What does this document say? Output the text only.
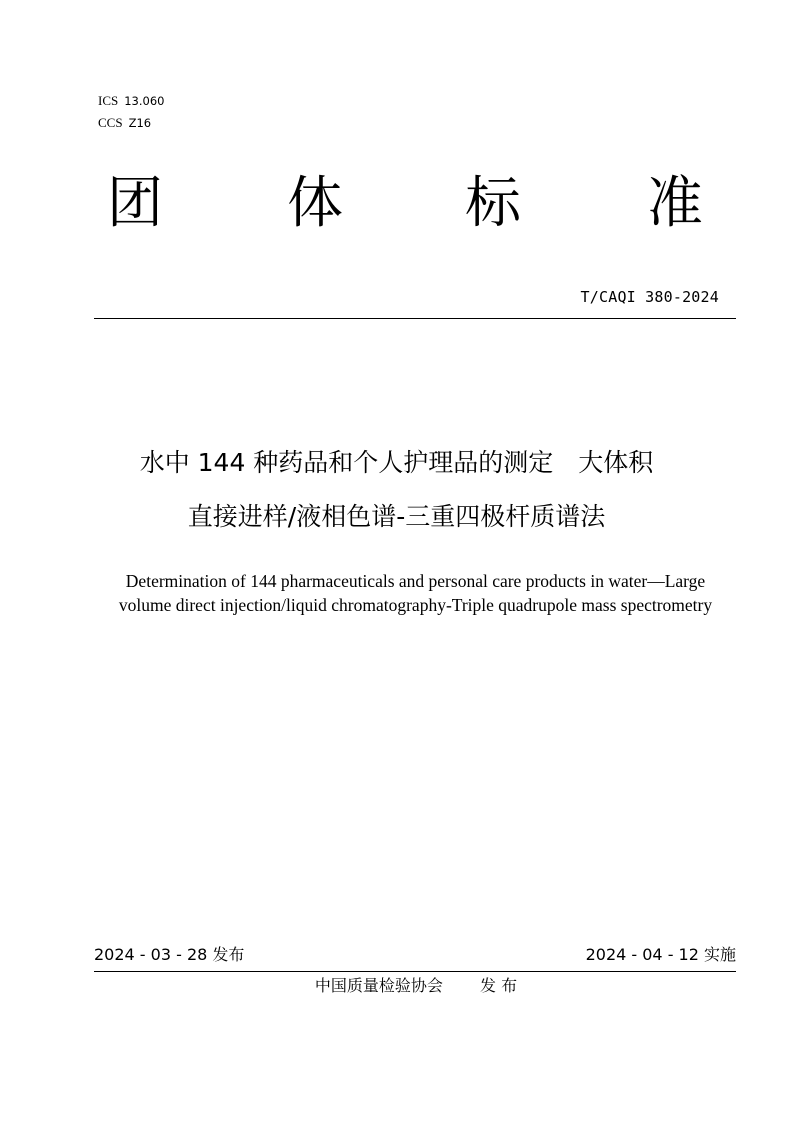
ICS 13.060
CCS Z16
团 体 标 准
T/CAQI 380-2024
水中 144 种药品和个人护理品的测定　大体积
直接进样/液相色谱-三重四极杆质谱法
Determination of 144 pharmaceuticals and personal care products in water—Large
volume direct injection/liquid chromatography-Triple quadrupole mass spectrometry
2024 - 03 - 28 发布	2024 - 04 - 12 实施
中国质量检验协会　　 发 布
